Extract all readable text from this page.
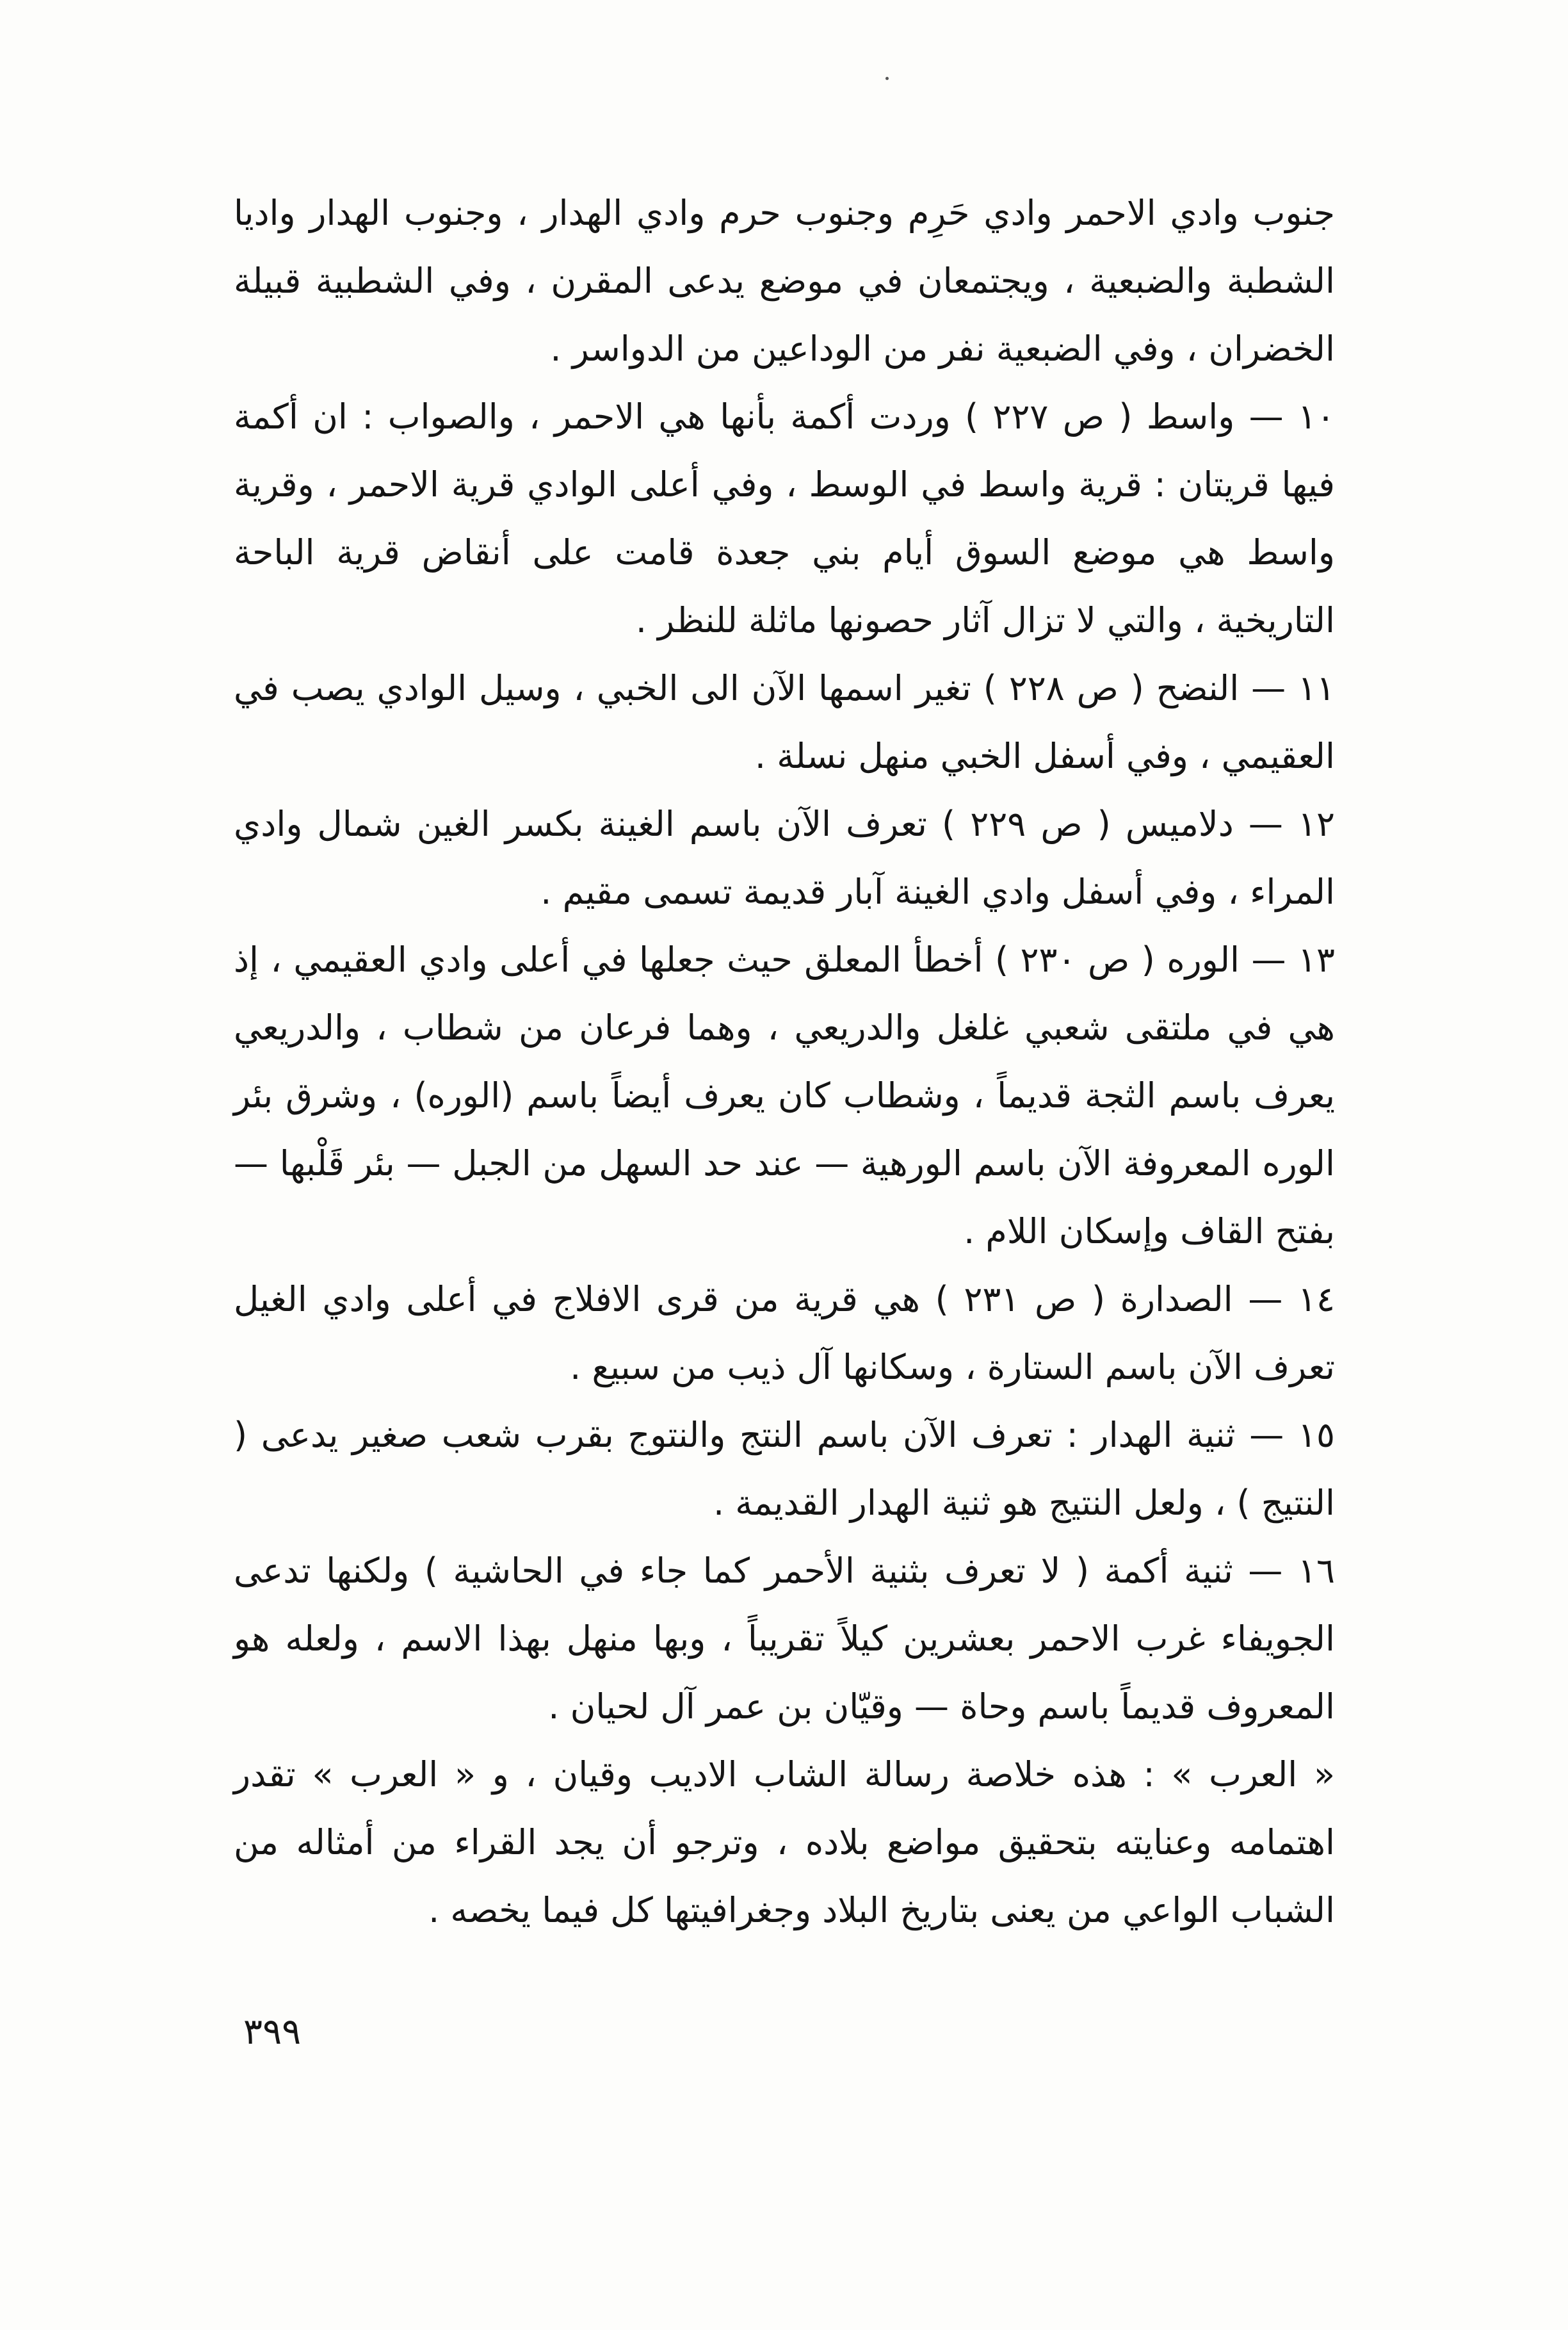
جنوب وادي الاحمر وادي حَرِم وجنوب حرم وادي الهدار ، وجنوب الهدار واديا الشطبة والضبعية ، ويجتمعان في موضع يدعى المقرن ، وفي الشطبية قبيلة الخضران ، وفي الضبعية نفر من الوداعين من الدواسر .

١٠ — واسط ( ص ٢٢٧ ) وردت أكمة بأنها هي الاحمر ، والصواب : ان أكمة فيها قريتان : قرية واسط في الوسط ، وفي أعلى الوادي قرية الاحمر ، وقرية واسط هي موضع السوق أيام بني جعدة قامت على أنقاض قرية الباحة التاريخية ، والتي لا تزال آثار حصونها ماثلة للنظر .

١١ — النضح ( ص ٢٢٨ ) تغير اسمها الآن الى الخبي ، وسيل الوادي يصب في العقيمي ، وفي أسفل الخبي منهل نسلة .

١٢ — دلاميس ( ص ٢٢٩ ) تعرف الآن باسم الغينة بكسر الغين شمال وادي المراء ، وفي أسفل وادي الغينة آبار قديمة تسمى مقيم .

١٣ — الوره ( ص ٢٣٠ ) أخطأ المعلق حيث جعلها في أعلى وادي العقيمي ، إذ هي في ملتقى شعبي غلغل والدريعي ، وهما فرعان من شطاب ، والدريعي يعرف باسم الثجة قديماً ، وشطاب كان يعرف أيضاً باسم (الوره) ، وشرق بئر الوره المعروفة الآن باسم الورهية — عند حد السهل من الجبل — بئر قَلْبها — بفتح القاف وإسكان اللام .

١٤ — الصدارة ( ص ٢٣١ ) هي قرية من قرى الافلاج في أعلى وادي الغيل تعرف الآن باسم الستارة ، وسكانها آل ذيب من سبيع .

١٥ — ثنية الهدار : تعرف الآن باسم النتج والنتوج بقرب شعب صغير يدعى ( النتيج ) ، ولعل النتيج هو ثنية الهدار القديمة .

١٦ — ثنية أكمة ( لا تعرف بثنية الأحمر كما جاء في الحاشية ) ولكنها تدعى الجويفاء غرب الاحمر بعشرين كيلاً تقريباً ، وبها منهل بهذا الاسم ، ولعله هو المعروف قديماً باسم وحاة — وقيّان بن عمر آل لحيان .

« العرب » : هذه خلاصة رسالة الشاب الاديب وقيان ، و « العرب » تقدر اهتمامه وعنايته بتحقيق مواضع بلاده ، وترجو أن يجد القراء من أمثاله من الشباب الواعي من يعنى بتاريخ البلاد وجغرافيتها كل فيما يخصه .

٣٩٩
